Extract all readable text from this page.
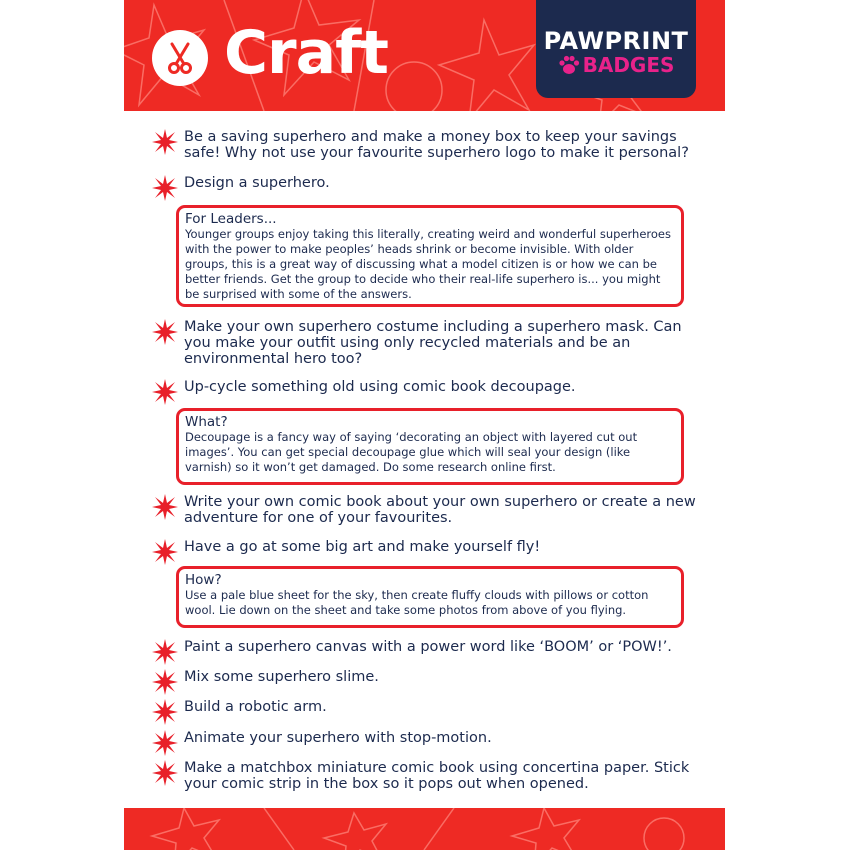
Craft	PAWPRINT
BADGES
Be a saving superhero and make a money box to keep your savings safe! Why not use your favourite superhero logo to make it personal?
Design a superhero.
For Leaders...
Younger groups enjoy taking this literally, creating weird and wonderful superheroes with the power to make peoples’ heads shrink or become invisible. With older groups, this is a great way of discussing what a model citizen is or how we can be better friends. Get the group to decide who their real-life superhero is... you might be surprised with some of the answers.
Make your own superhero costume including a superhero mask. Can you make your outfit using only recycled materials and be an environmental hero too?
Up-cycle something old using comic book decoupage.
What?
Decoupage is a fancy way of saying ‘decorating an object with layered cut out images’. You can get special decoupage glue which will seal your design (like varnish) so it won’t get damaged. Do some research online first.
Write your own comic book about your own superhero or create a new adventure for one of your favourites.
Have a go at some big art and make yourself fly!
How?
Use a pale blue sheet for the sky, then create fluffy clouds with pillows or cotton wool. Lie down on the sheet and take some photos from above of you flying.
Paint a superhero canvas with a power word like ‘BOOM’ or ‘POW!’.
Mix some superhero slime.
Build a robotic arm.
Animate your superhero with stop-motion.
Make a matchbox miniature comic book using concertina paper. Stick your comic strip in the box so it pops out when opened.
